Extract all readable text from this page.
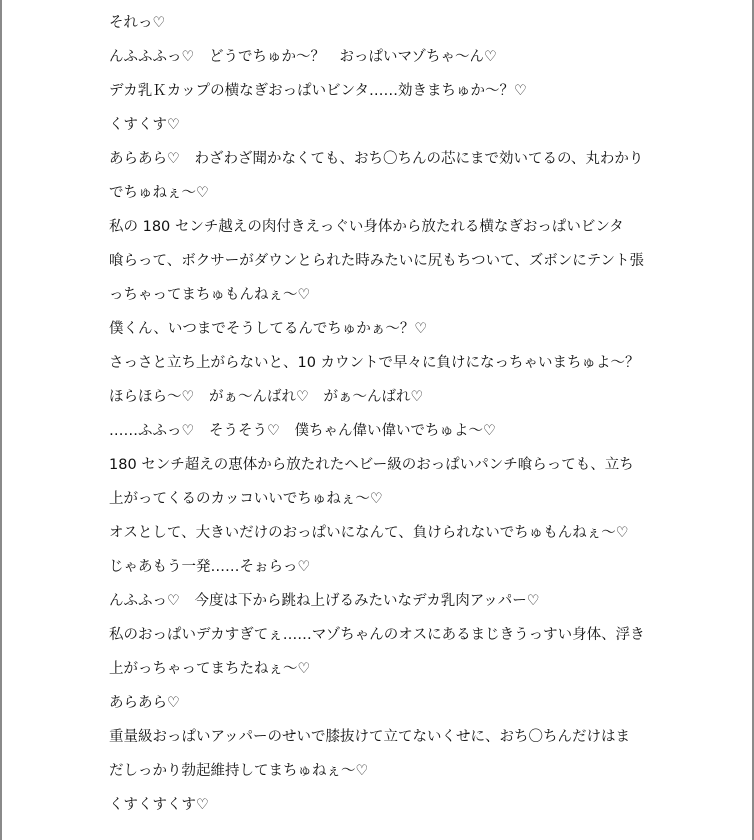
それっ♡
んふふふっ♡　どうでちゅか～？　おっぱいマゾちゃ～ん♡
デカ乳Ｋカップの横なぎおっぱいビンタ……効きまちゅか～？♡
くすくす♡
あらあら♡　わざわざ聞かなくても、おち〇ちんの芯にまで効いてるの、丸わかり
でちゅねぇ～♡
私の 180 センチ越えの肉付きえっぐい身体から放たれる横なぎおっぱいビンタ
喰らって、ボクサーがダウンとられた時みたいに尻もちついて、ズボンにテント張
っちゃってまちゅもんねぇ～♡
僕くん、いつまでそうしてるんでちゅかぁ～？♡
さっさと立ち上がらないと、10 カウントで早々に負けになっちゃいまちゅよ～？
ほらほら～♡　がぁ～んばれ♡　がぁ～んばれ♡
……ふふっ♡　そうそう♡　僕ちゃん偉い偉いでちゅよ～♡
180 センチ超えの恵体から放たれたヘビー級のおっぱいパンチ喰らっても、立ち
上がってくるのカッコいいでちゅねぇ～♡
オスとして、大きいだけのおっぱいになんて、負けられないでちゅもんねぇ～♡
じゃあもう一発……そぉらっ♡
んふふっ♡　今度は下から跳ね上げるみたいなデカ乳肉アッパー♡
私のおっぱいデカすぎてぇ……マゾちゃんのオスにあるまじきうっすい身体、浮き
上がっちゃってまちたねぇ～♡
あらあら♡
重量級おっぱいアッパーのせいで膝抜けて立てないくせに、おち〇ちんだけはま
だしっかり勃起維持してまちゅねぇ～♡
くすくすくす♡
